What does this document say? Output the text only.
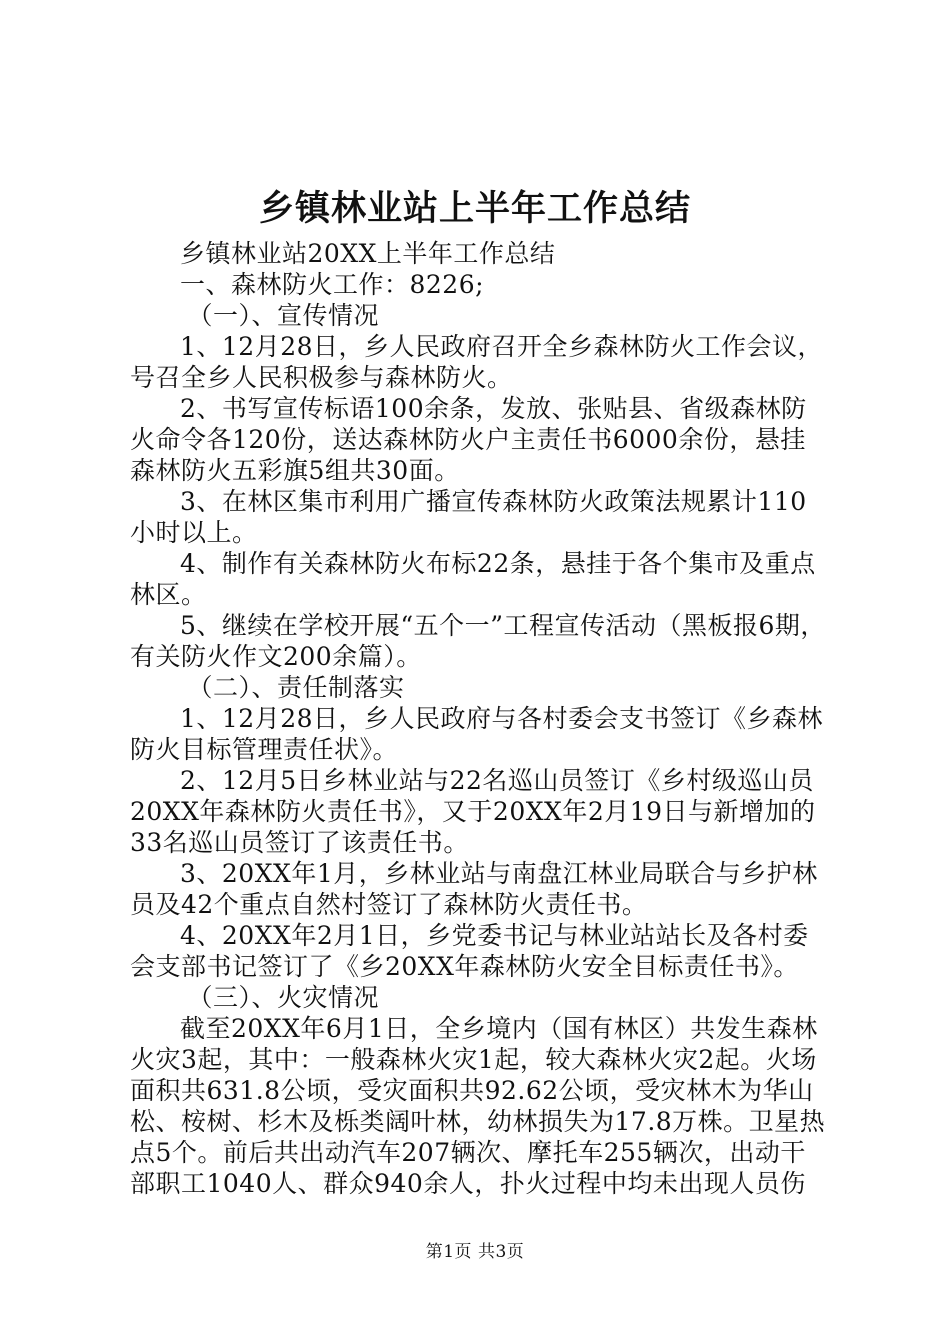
乡镇林业站上半年工作总结

乡镇林业站20XX上半年工作总结

一、森林防火工作：8226;

（一）、宣传情况

1、12月28日，乡人民政府召开全乡森林防火工作会议，号召全乡人民积极参与森林防火。

2、书写宣传标语100余条，发放、张贴县、省级森林防火命令各120份，送达森林防火户主责任书6000余份，悬挂森林防火五彩旗5组共30面。

3、在林区集市利用广播宣传森林防火政策法规累计110小时以上。

4、制作有关森林防火布标22条，悬挂于各个集市及重点林区。

5、继续在学校开展“五个一”工程宣传活动（黑板报6期，有关防火作文200余篇）。

（二）、责任制落实

1、12月28日，乡人民政府与各村委会支书签订《乡森林防火目标管理责任状》。

2、12月5日乡林业站与22名巡山员签订《乡村级巡山员20XX年森林防火责任书》，又于20XX年2月19日与新增加的33名巡山员签订了该责任书。

3、20XX年1月，乡林业站与南盘江林业局联合与乡护林员及42个重点自然村签订了森林防火责任书。

4、20XX年2月1日，乡党委书记与林业站站长及各村委会支部书记签订了《乡20XX年森林防火安全目标责任书》。

（三）、火灾情况

截至20XX年6月1日，全乡境内（国有林区）共发生森林火灾3起，其中：一般森林火灾1起，较大森林火灾2起。火场面积共631.8公顷，受灾面积共92.62公顷，受灾林木为华山松、桉树、杉木及栎类阔叶林，幼林损失为17.8万株。卫星热点5个。前后共出动汽车207辆次、摩托车255辆次，出动干部职工1040人、群众940余人，扑火过程中均未出现人员伤

第1页 共3页
